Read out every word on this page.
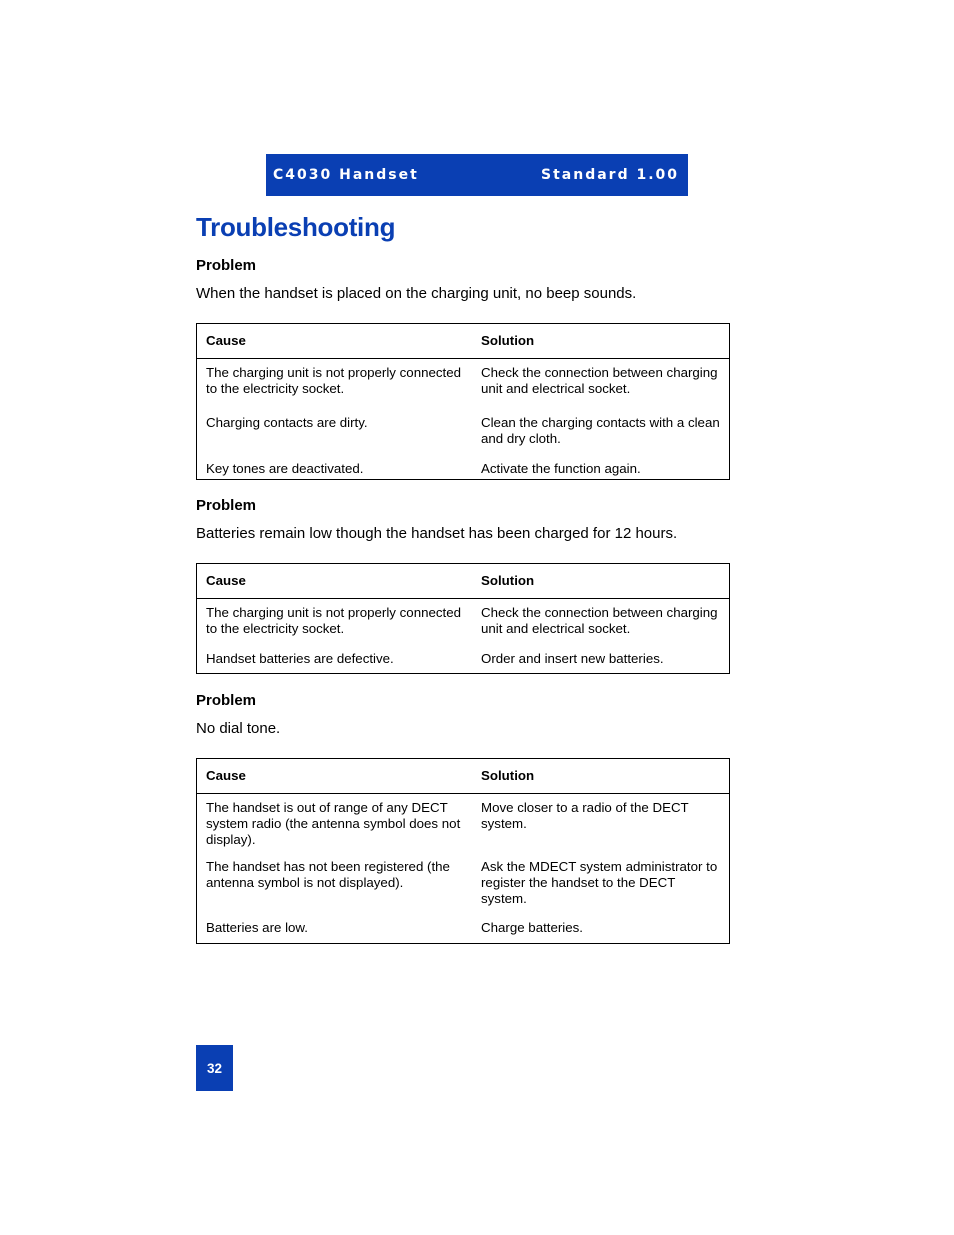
C4030 Handset	Standard 1.00
Troubleshooting

Problem

When the handset is placed on the charging unit, no beep sounds.

Cause	Solution
The charging unit is not properly connected to the electricity socket.	Check the connection between charging unit and electrical socket.
Charging contacts are dirty.	Clean the charging contacts with a clean and dry cloth.
Key tones are deactivated.	Activate the function again.

Problem

Batteries remain low though the handset has been charged for 12 hours.

Cause	Solution
The charging unit is not properly connected to the electricity socket.	Check the connection between charging unit and electrical socket.
Handset batteries are defective.	Order and insert new batteries.

Problem

No dial tone.

Cause	Solution
The handset is out of range of any DECT system radio (the antenna symbol does not display).	Move closer to a radio of the DECT system.
The handset has not been registered (the antenna symbol is not displayed).	Ask the MDECT system administrator to register the handset to the DECT system.
Batteries are low.	Charge batteries.
32
